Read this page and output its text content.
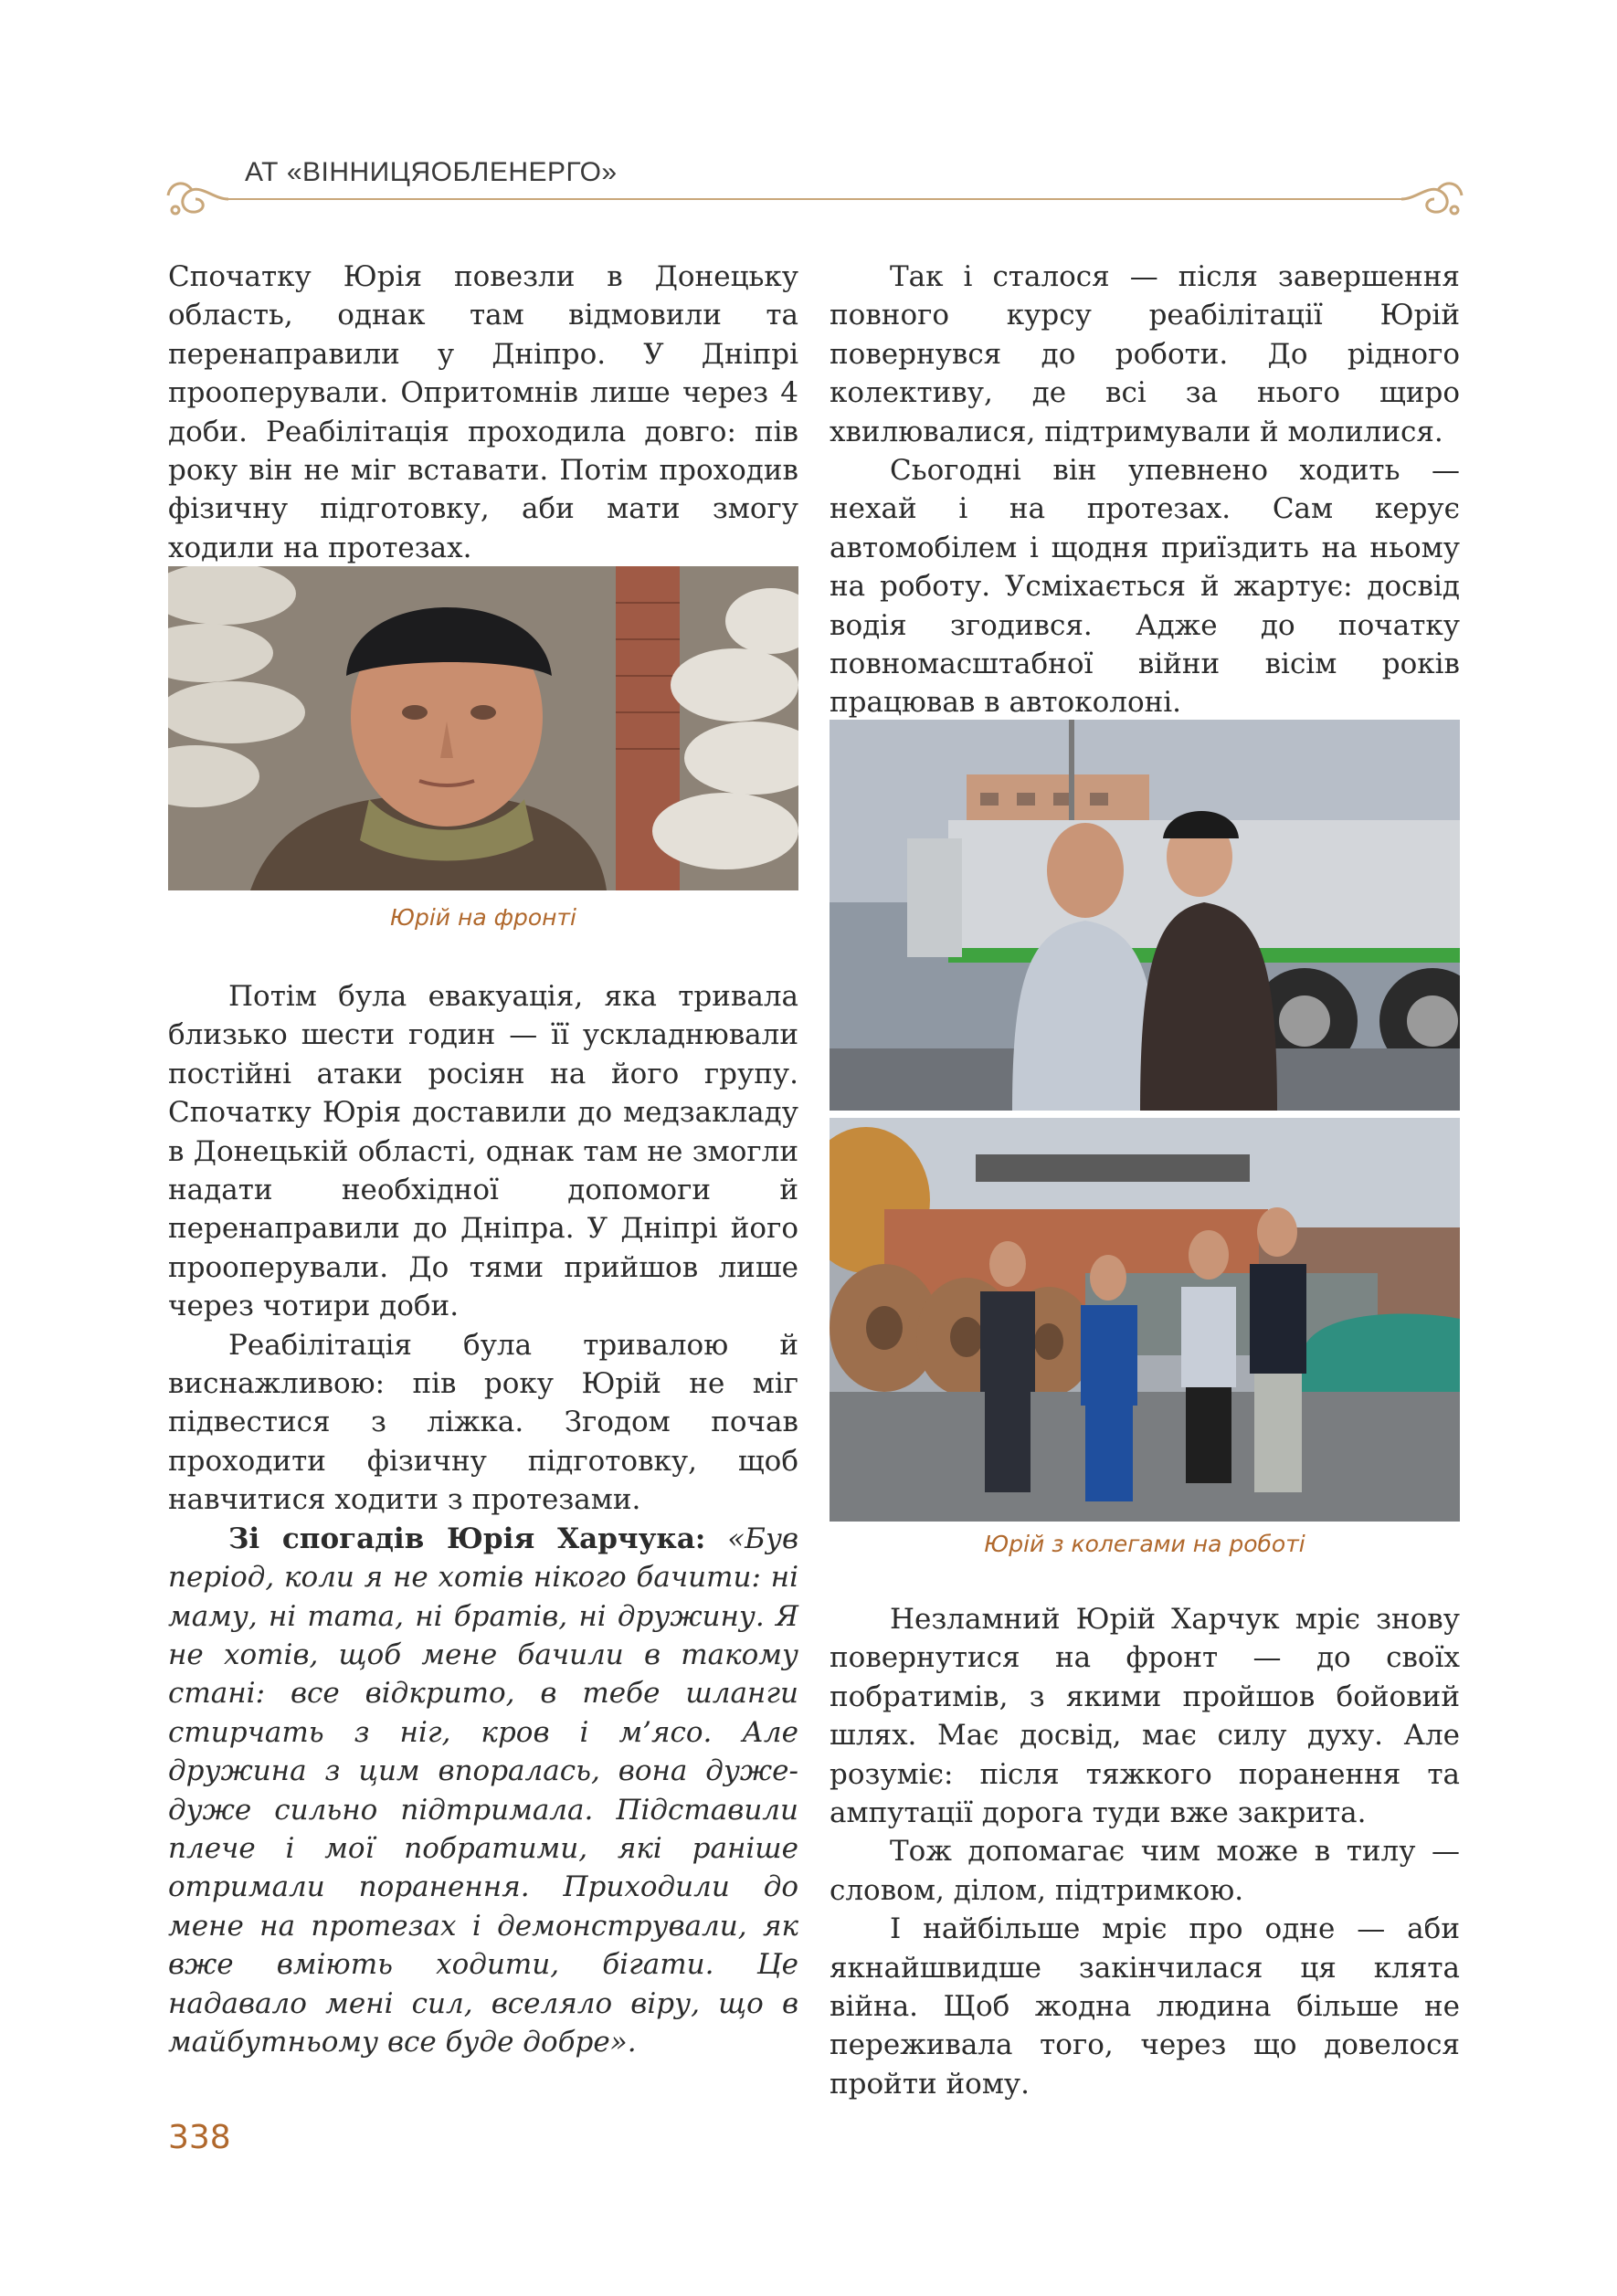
АТ «ВІННИЦЯОБЛЕНЕРГО»

Спочатку Юрія повезли в Донецьку область, однак там відмовили та перенаправили у Дніпро. У Дніпрі прооперували. Опритомнів лише через 4 доби. Реабілітація проходила довго: пів року він не міг вставати. Потім проходив фізичну підготовку, аби мати змогу ходили на протезах.

Юрій на фронті

Потім була евакуація, яка тривала близько шести годин — її ускладнювали постійні атаки росіян на його групу. Спочатку Юрія доставили до медзакладу в Донецькій області, однак там не змогли надати необхідної допомоги й перенаправили до Дніпра. У Дніпрі його прооперували. До тями прийшов лише через чотири доби.

Реабілітація була тривалою й виснажливою: пів року Юрій не міг підвестися з ліжка. Згодом почав проходити фізичну підготовку, щоб навчитися ходити з протезами.

Зі спогадів Юрія Харчука: «Був період, коли я не хотів нікого бачити: ні маму, ні тата, ні братів, ні дружину. Я не хотів, щоб мене бачили в такому стані: все відкрито, в тебе шланги стирчать з ніг, кров і м’ясо. Але дружина з цим впоралась, вона дуже-дуже сильно підтримала. Підставили плече і мої побратими, які раніше отримали поранення. Приходили до мене на протезах і демонстрували, як вже вміють ходити, бігати. Це надавало мені сил, вселяло віру, що в майбутньому все буде добре».

Так і сталося — після завершення повного курсу реабілітації Юрій повернувся до роботи. До рідного колективу, де всі за нього щиро хвилювалися, підтримували й молилися.

Сьогодні він упевнено ходить — нехай і на протезах. Сам керує автомобілем і щодня приїздить на ньому на роботу. Усміхається й жартує: досвід водія згодився. Адже до початку повномасштабної війни вісім років працював в автоколоні.

Юрій з колегами на роботі

Незламний Юрій Харчук мріє знову повернутися на фронт — до своїх побратимів, з якими пройшов бойовий шлях. Має досвід, має силу духу. Але розуміє: після тяжкого поранення та ампутації дорога туди вже закрита.

Тож допомагає чим може в тилу — словом, ділом, підтримкою.

І найбільше мріє про одне — аби якнайшвидше закінчилася ця клята війна. Щоб жодна людина більше не переживала того, через що довелося пройти йому.

338
